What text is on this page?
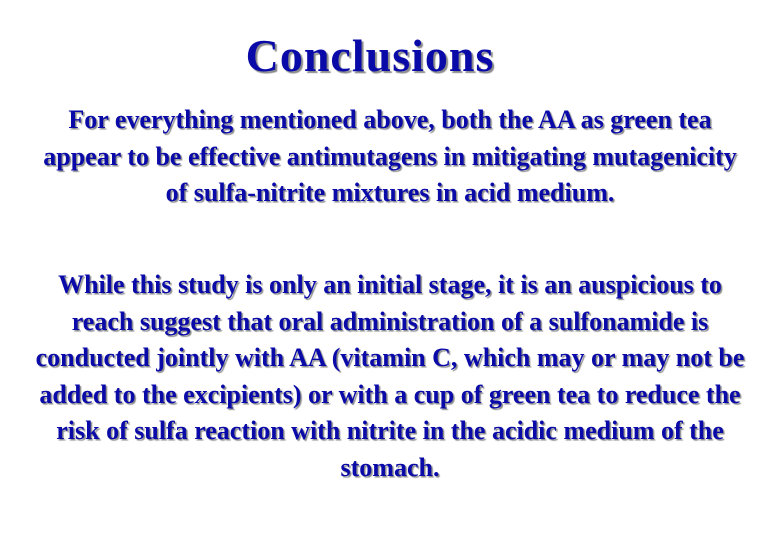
Conclusions
For everything mentioned above, both the AA as green tea appear to be effective antimutagens in mitigating mutagenicity of sulfa-nitrite mixtures in acid medium.
While this study is only an initial stage, it is an auspicious to reach suggest that oral administration of a sulfonamide is conducted jointly with AA (vitamin C, which may or may not be added to the excipients) or with a cup of green tea to reduce the risk of sulfa reaction with nitrite in the acidic medium of the stomach.
